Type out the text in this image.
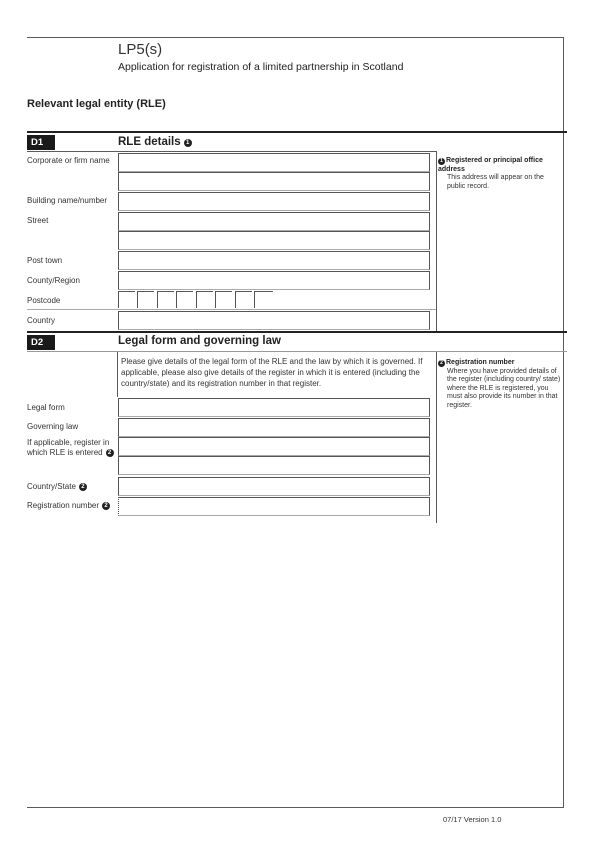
LP5(s)
Application for registration of a limited partnership in Scotland
Relevant legal entity (RLE)
D1	RLE details 1
Corporate or firm name
Building name/number
Street
Post town
County/Region
Postcode
Country
1 Registered or principal office address
This address will appear on the public record.
D2	Legal form and governing law
Please give details of the legal form of the RLE and the law by which it is governed. If applicable, please also give details of the register in which it is entered (including the country/state) and its registration number in that register.
Legal form
Governing law
If applicable, register in which RLE is entered 2
Country/State 2
Registration number 2
2 Registration number
Where you have provided details of the register (including country/ state) where the RLE is registered, you must also provide its number in that register.
07/17 Version 1.0
